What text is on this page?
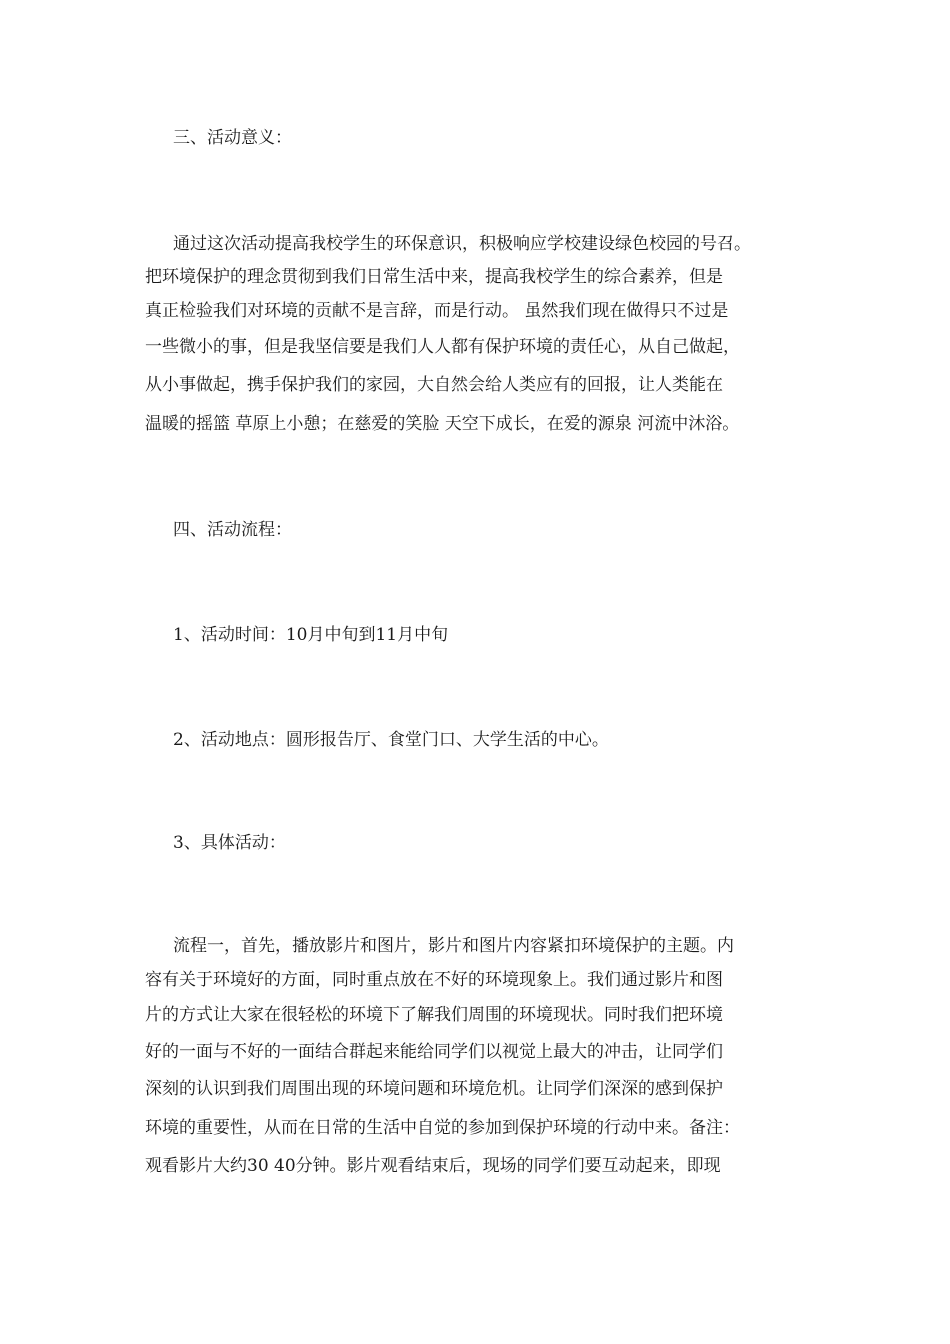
三、活动意义：
通过这次活动提高我校学生的环保意识，积极响应学校建设绿色校园的号召。
把环境保护的理念贯彻到我们日常生活中来，提高我校学生的综合素养，但是
真正检验我们对环境的贡献不是言辞，而是行动。 虽然我们现在做得只不过是
一些微小的事，但是我坚信要是我们人人都有保护环境的责任心，从自己做起，
从小事做起，携手保护我们的家园，大自然会给人类应有的回报，让人类能在
温暖的摇篮 草原上小憩；在慈爱的笑脸 天空下成长，在爱的源泉 河流中沐浴。
四、活动流程：
1、活动时间：10月中旬到11月中旬
2、活动地点：圆形报告厅、食堂门口、大学生活的中心。
3、具体活动：
流程一，首先，播放影片和图片，影片和图片内容紧扣环境保护的主题。内
容有关于环境好的方面，同时重点放在不好的环境现象上。我们通过影片和图
片的方式让大家在很轻松的环境下了解我们周围的环境现状。同时我们把环境
好的一面与不好的一面结合群起来能给同学们以视觉上最大的冲击，让同学们
深刻的认识到我们周围出现的环境问题和环境危机。让同学们深深的感到保护
环境的重要性，从而在日常的生活中自觉的参加到保护环境的行动中来。备注：
观看影片大约30 40分钟。影片观看结束后，现场的同学们要互动起来，即现
